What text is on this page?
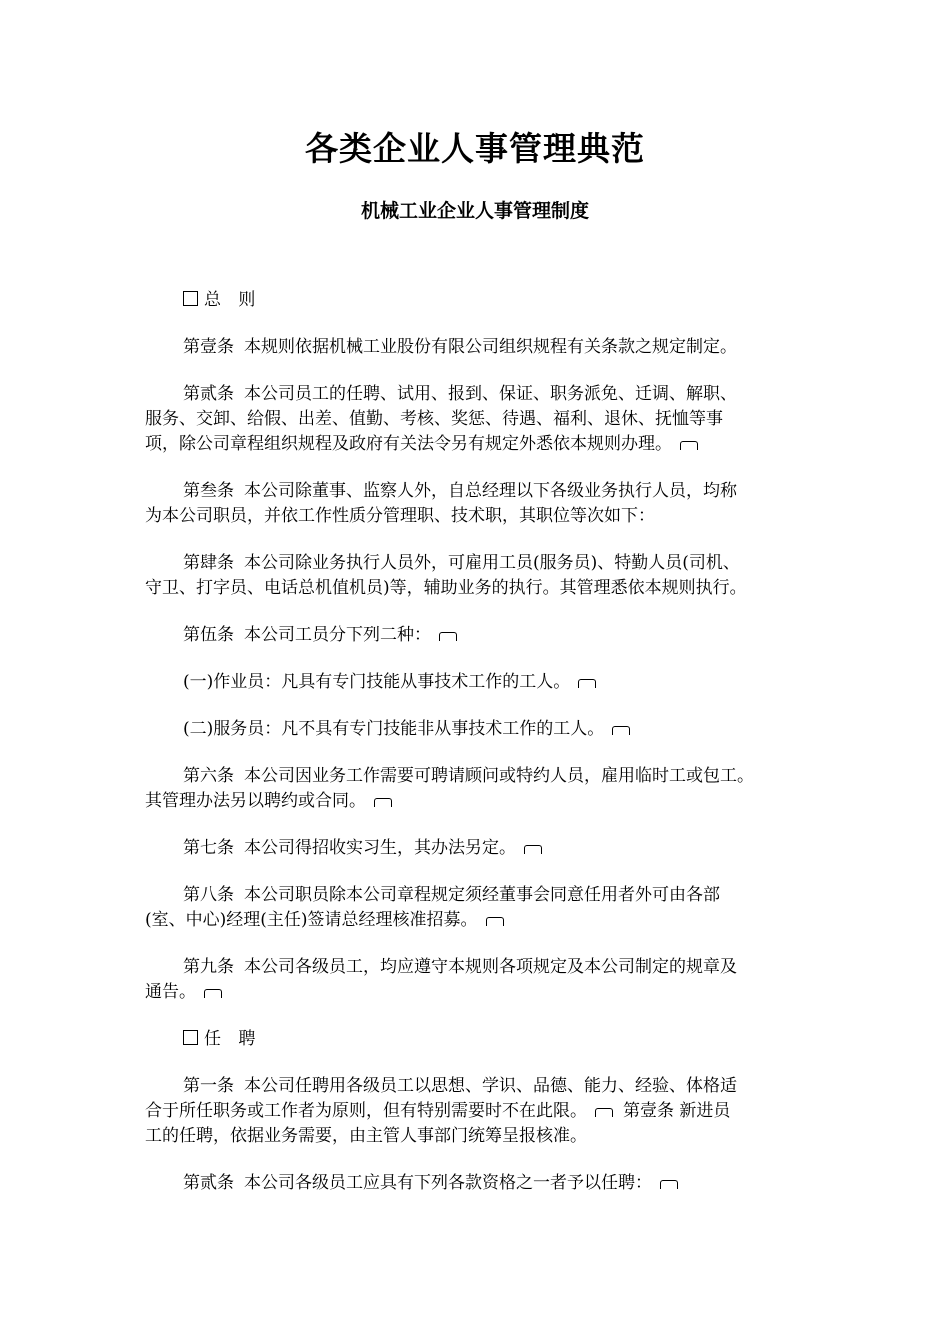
各类企业人事管理典范
机械工业企业人事管理制度
总 则

第壹条 本规则依据机械工业股份有限公司组织规程有关条款之规定制定。

第贰条 本公司员工的任聘、试用、报到、保证、职务派免、迁调、解职、
服务、交卸、给假、出差、值勤、考核、奖惩、待遇、福利、退休、抚恤等事
项，除公司章程组织规程及政府有关法令另有规定外悉依本规则办理。

第叁条 本公司除董事、监察人外，自总经理以下各级业务执行人员，均称
为本公司职员，并依工作性质分管理职、技术职，其职位等次如下：

第肆条 本公司除业务执行人员外，可雇用工员(服务员)、特勤人员(司机、
守卫、打字员、电话总机值机员)等，辅助业务的执行。其管理悉依本规则执行。

第伍条 本公司工员分下列二种：

(一)作业员：凡具有专门技能从事技术工作的工人。

(二)服务员：凡不具有专门技能非从事技术工作的工人。

第六条 本公司因业务工作需要可聘请顾问或特约人员，雇用临时工或包工。
其管理办法另以聘约或合同。

第七条 本公司得招收实习生，其办法另定。

第八条 本公司职员除本公司章程规定须经董事会同意任用者外可由各部
(室、中心)经理(主任)签请总经理核准招募。

第九条 本公司各级员工，均应遵守本规则各项规定及本公司制定的规章及
通告。

任 聘

第一条 本公司任聘用各级员工以思想、学识、品德、能力、经验、体格适
合于所任职务或工作者为原则，但有特别需要时不在此限。 第壹条 新进员
工的任聘，依据业务需要，由主管人事部门统筹呈报核准。

第贰条 本公司各级员工应具有下列各款资格之一者予以任聘：
